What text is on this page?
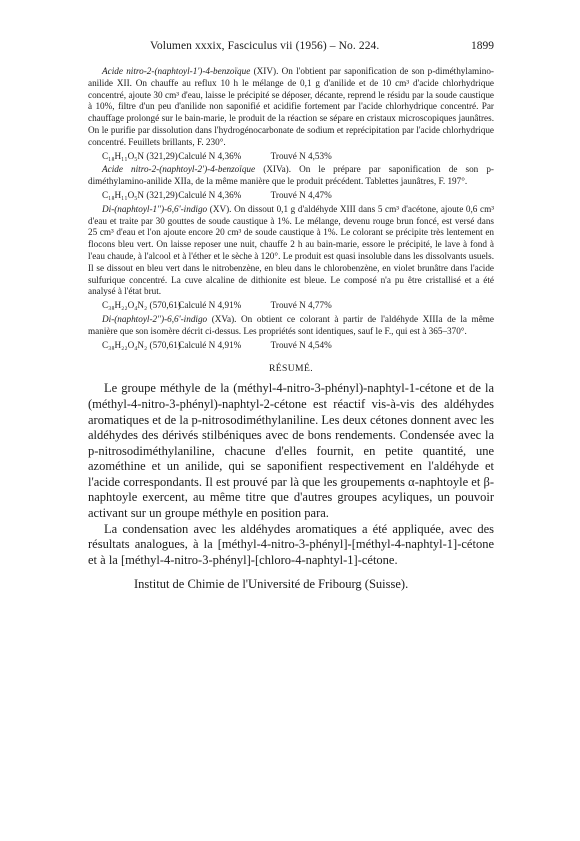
Volumen xxxix, Fasciculus vii (1956) – No. 224.	1899

Acide nitro-2-(naphtoyl-1')-4-benzoïque (XIV). On l'obtient par saponification de son p-diméthylamino-anilide XII. On chauffe au reflux 10 h le mélange de 0,1 g d'anilide et de 10 cm³ d'acide chlorhydrique concentré, ajoute 30 cm³ d'eau, laisse le précipité se déposer, décante, reprend le résidu par la soude caustique à 10%, filtre d'un peu d'anilide non saponifié et acidifie fortement par l'acide chlorhydrique concentré. Par chauffage prolongé sur le bain-marie, le produit de la réaction se sépare en cristaux microscopiques jaunâtres. On le purifie par dissolution dans l'hydrogénocarbonate de sodium et reprécipitation par l'acide chlorhydrique concentré. Feuillets brillants, F. 230°.

C₁₈H₁₁O₅N (321,29) Calculé N 4,36%	Trouvé N 4,53%

Acide nitro-2-(naphtoyl-2')-4-benzoïque (XIVa). On le prépare par saponification de son p-diméthylamino-anilide XIIa, de la même manière que le produit précédent. Tablettes jaunâtres, F. 197°.

C₁₈H₁₁O₅N (321,29) Calculé N 4,36%	Trouvé N 4,47%

Di-(naphtoyl-1'')-6,6'-indigo (XV). On dissout 0,1 g d'aldéhyde XIII dans 5 cm³ d'acétone, ajoute 0,6 cm³ d'eau et traite par 30 gouttes de soude caustique à 1%. Le mélange, devenu rouge brun foncé, est versé dans 25 cm³ d'eau et l'on ajoute encore 20 cm³ de soude caustique à 1%. Le colorant se précipite très lentement en flocons bleu vert. On laisse reposer une nuit, chauffe 2 h au bain-marie, essore le précipité, le lave à fond à l'eau chaude, à l'alcool et à l'éther et le sèche à 120°. Le produit est quasi insoluble dans les dissolvants usuels. Il se dissout en bleu vert dans le nitrobenzène, en bleu dans le chlorobenzène, en violet brunâtre dans l'acide sulfurique concentré. La cuve alcaline de dithionite est bleue. Le composé n'a pu être cristallisé et a été analysé à l'état brut.

C₃₈H₂₂O₄N₂ (570,61) Calculé N 4,91%	Trouvé N 4,77%

Di-(naphtoyl-2'')-6,6'-indigo (XVa). On obtient ce colorant à partir de l'aldéhyde XIIIa de la même manière que son isomère décrit ci-dessus. Les propriétés sont identiques, sauf le F., qui est à 365–370°.

C₃₈H₂₂O₄N₂ (570,61) Calculé N 4,91%	Trouvé N 4,54%
RÉSUMÉ.

Le groupe méthyle de la (méthyl-4-nitro-3-phényl)-naphtyl-1-cétone et de la (méthyl-4-nitro-3-phényl)-naphtyl-2-cétone est réactif vis-à-vis des aldéhydes aromatiques et de la p-nitrosodiméthylaniline. Les deux cétones donnent avec les aldéhydes des dérivés stilbéniques avec de bons rendements. Condensée avec la p-nitrosodiméthylaniline, chacune d'elles fournit, en petite quantité, une azométhine et un anilide, qui se saponifient respectivement en l'aldéhyde et l'acide correspondants. Il est prouvé par là que les groupements α-naphtoyle et β-naphtoyle exercent, au même titre que d'autres groupes acyliques, un pouvoir activant sur un groupe méthyle en position para.

La condensation avec les aldéhydes aromatiques a été appliquée, avec des résultats analogues, à la [méthyl-4-nitro-3-phényl]-[méthyl-4-naphtyl-1]-cétone et à la [méthyl-4-nitro-3-phényl]-[chloro-4-naphtyl-1]-cétone.

Institut de Chimie de l'Université de Fribourg (Suisse).
